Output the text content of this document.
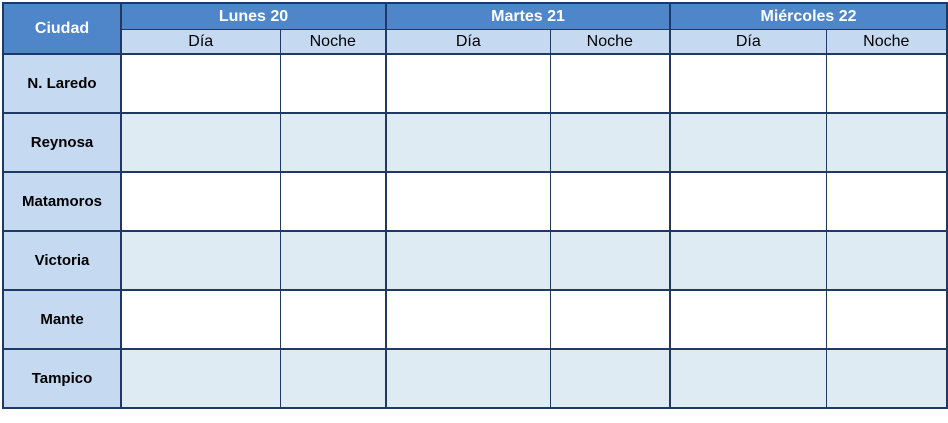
Ciudad	Lunes 20		Martes 21		Miércoles 22	
	Día	Noche	Día	Noche	Día	Noche
N. Laredo						
Reynosa						
Matamoros						
Victoria						
Mante						
Tampico						
